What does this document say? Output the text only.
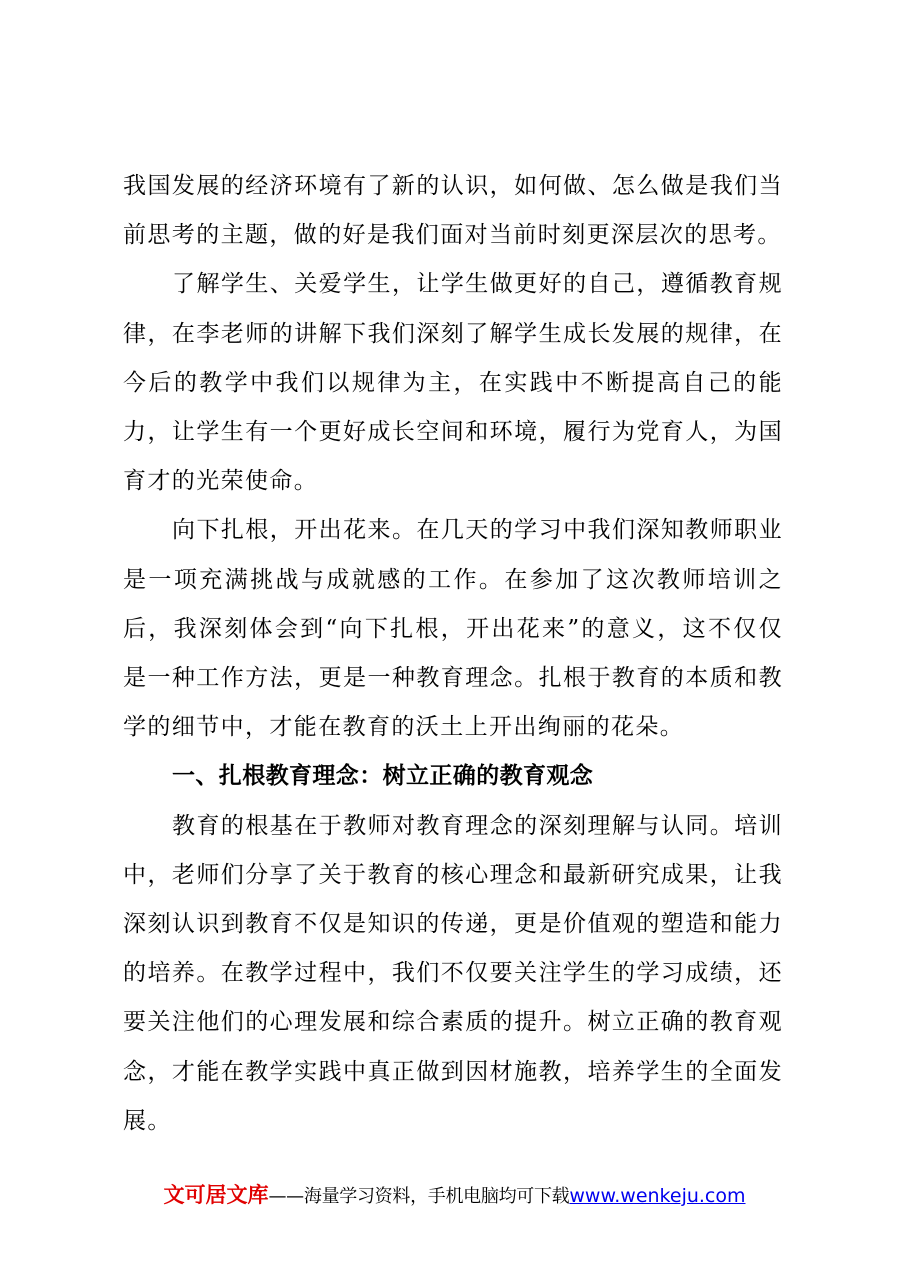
我国发展的经济环境有了新的认识，如何做、怎么做是我们当前思考的主题，做的好是我们面对当前时刻更深层次的思考。

了解学生、关爱学生，让学生做更好的自己，遵循教育规律，在李老师的讲解下我们深刻了解学生成长发展的规律，在今后的教学中我们以规律为主，在实践中不断提高自己的能力，让学生有一个更好成长空间和环境，履行为党育人，为国育才的光荣使命。

向下扎根，开出花来。在几天的学习中我们深知教师职业是一项充满挑战与成就感的工作。在参加了这次教师培训之后，我深刻体会到“向下扎根，开出花来”的意义，这不仅仅是一种工作方法，更是一种教育理念。扎根于教育的本质和教学的细节中，才能在教育的沃土上开出绚丽的花朵。

一、扎根教育理念：树立正确的教育观念

教育的根基在于教师对教育理念的深刻理解与认同。培训中，老师们分享了关于教育的核心理念和最新研究成果，让我深刻认识到教育不仅是知识的传递，更是价值观的塑造和能力的培养。在教学过程中，我们不仅要关注学生的学习成绩，还要关注他们的心理发展和综合素质的提升。树立正确的教育观念，才能在教学实践中真正做到因材施教，培养学生的全面发展。

文可居文库——海量学习资料，手机电脑均可下载www.wenkeju.com
